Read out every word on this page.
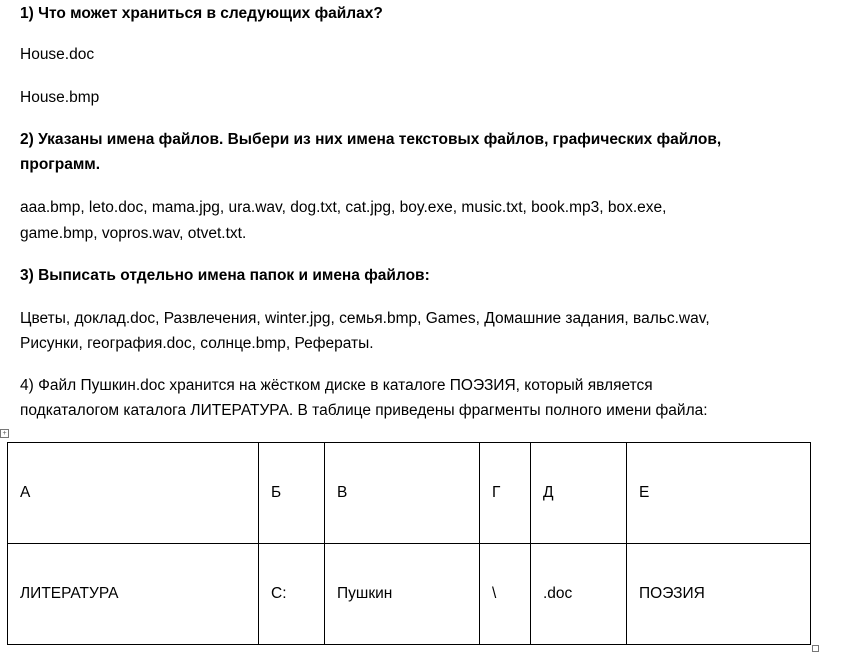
1) Что может храниться в следующих файлах?
House.doc
House.bmp
2) Указаны имена файлов. Выбери из них имена текстовых файлов, графических файлов,
программ.
aaa.bmp, leto.doc, mama.jpg, ura.wav, dog.txt, cat.jpg, boy.exe, music.txt, book.mp3, box.exe,
game.bmp, vopros.wav, otvet.txt.
3) Выписать отдельно имена папок и имена файлов:
Цветы, доклад.doc, Развлечения, winter.jpg, семья.bmp, Games, Домашние задания, вальс.wav,
Рисунки, география.doc, солнце.bmp, Рефераты.
4) Файл Пушкин.doc хранится на жёстком диске в каталоге ПОЭЗИЯ, который является
подкаталогом каталога ЛИТЕРАТУРА. В таблице приведены фрагменты полного имени файла:
+
А	Б	В	Г	Д	Е
ЛИТЕРАТУРА	С:	Пушкин	\	.doc	ПОЭЗИЯ
